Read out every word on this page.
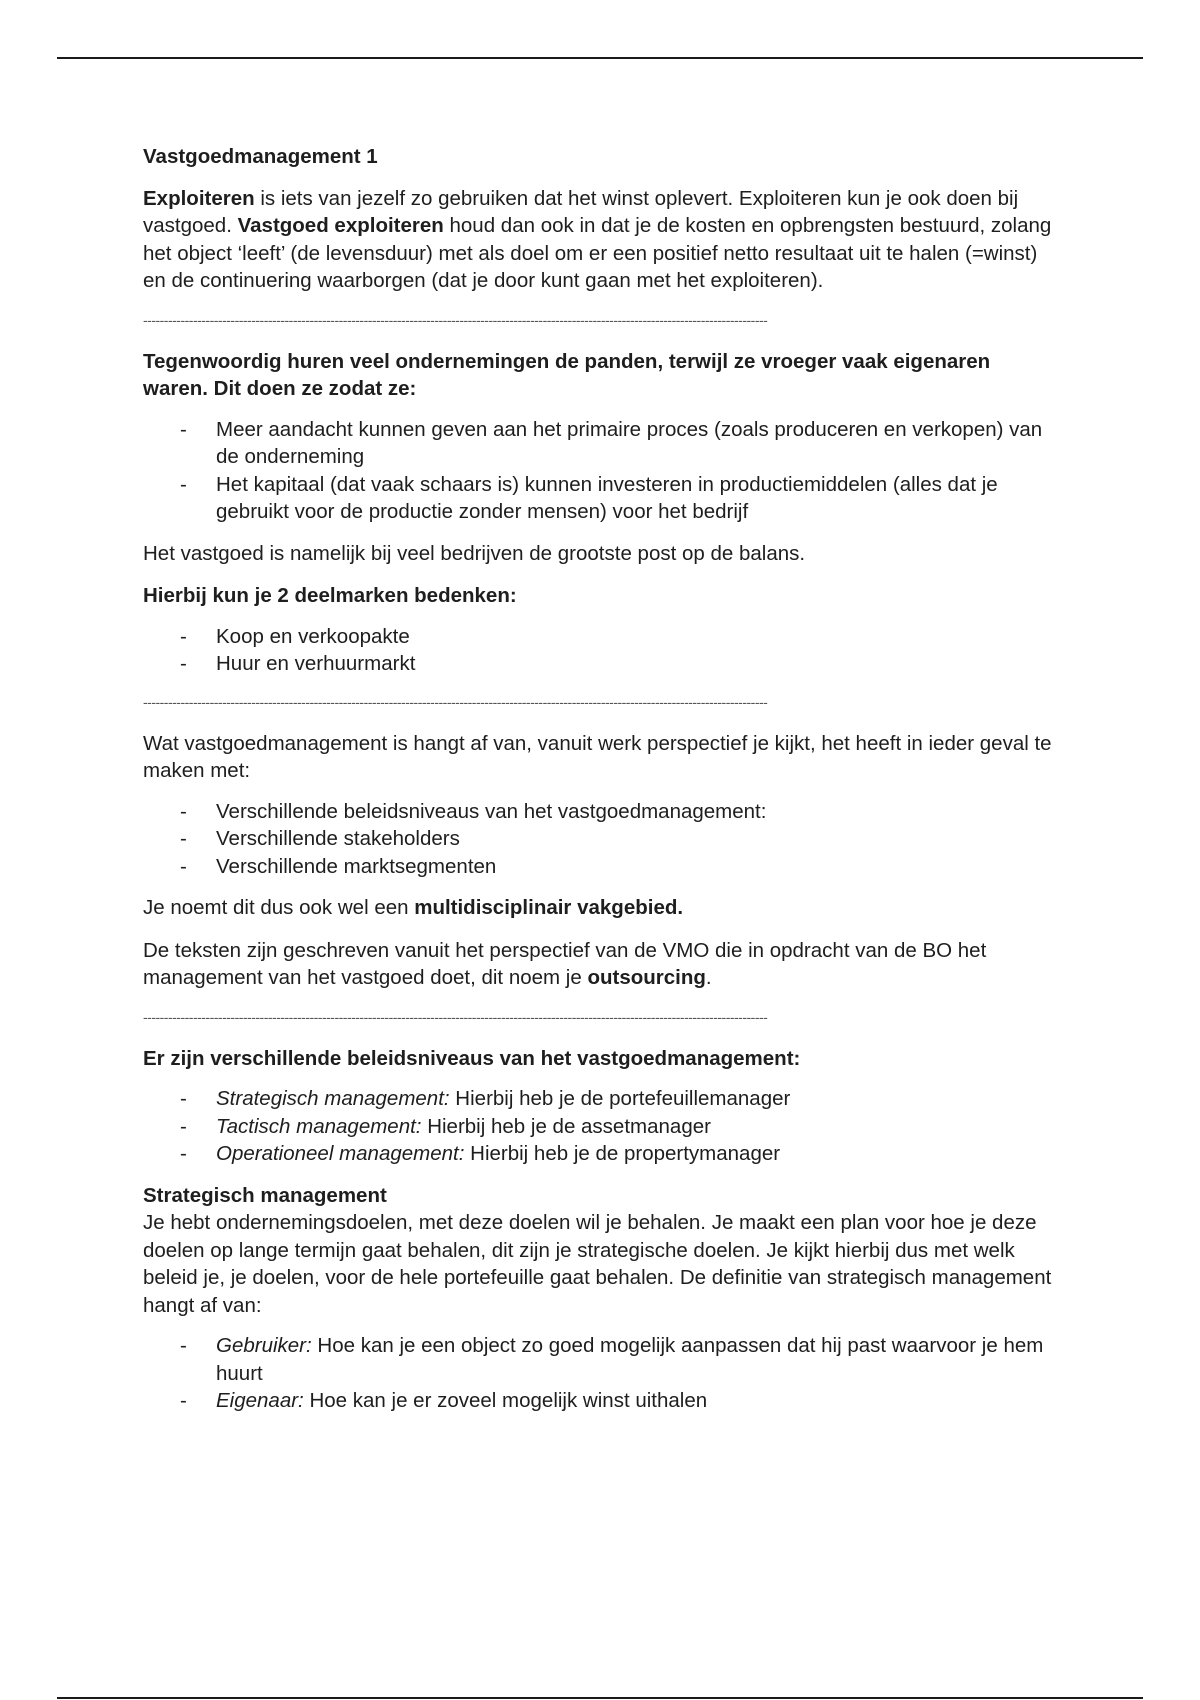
Vastgoedmanagement 1

Exploiteren is iets van jezelf zo gebruiken dat het winst oplevert. Exploiteren kun je ook doen bij vastgoed. Vastgoed exploiteren houd dan ook in dat je de kosten en opbrengsten bestuurd, zolang het object ‘leeft’ (de levensduur) met als doel om er een positief netto resultaat uit te halen (=winst) en de continuering waarborgen (dat je door kunt gaan met het exploiteren).

------------------------------------------------------------------------------------------------------------------------------------------------------

Tegenwoordig huren veel ondernemingen de panden, terwijl ze vroeger vaak eigenaren waren. Dit doen ze zodat ze:

- Meer aandacht kunnen geven aan het primaire proces (zoals produceren en verkopen) van de onderneming
- Het kapitaal (dat vaak schaars is) kunnen investeren in productiemiddelen (alles dat je gebruikt voor de productie zonder mensen) voor het bedrijf

Het vastgoed is namelijk bij veel bedrijven de grootste post op de balans.

Hierbij kun je 2 deelmarken bedenken:

- Koop en verkoopakte
- Huur en verhuurmarkt
------------------------------------------------------------------------------------------------------------------------------------------------------

Wat vastgoedmanagement is hangt af van, vanuit werk perspectief je kijkt, het heeft in ieder geval te maken met:

- Verschillende beleidsniveaus van het vastgoedmanagement:
- Verschillende stakeholders
- Verschillende marktsegmenten

Je noemt dit dus ook wel een multidisciplinair vakgebied.

De teksten zijn geschreven vanuit het perspectief van de VMO die in opdracht van de BO het management van het vastgoed doet, dit noem je outsourcing.

------------------------------------------------------------------------------------------------------------------------------------------------------

Er zijn verschillende beleidsniveaus van het vastgoedmanagement:

- Strategisch management: Hierbij heb je de portefeuillemanager
- Tactisch management: Hierbij heb je de assetmanager
- Operationeel management: Hierbij heb je de propertymanager

Strategisch management

Je hebt ondernemingsdoelen, met deze doelen wil je behalen. Je maakt een plan voor hoe je deze doelen op lange termijn gaat behalen, dit zijn je strategische doelen. Je kijkt hierbij dus met welk beleid je, je doelen, voor de hele portefeuille gaat behalen. De definitie van strategisch management hangt af van:

- Gebruiker: Hoe kan je een object zo goed mogelijk aanpassen dat hij past waarvoor je hem huurt
- Eigenaar: Hoe kan je er zoveel mogelijk winst uithalen
